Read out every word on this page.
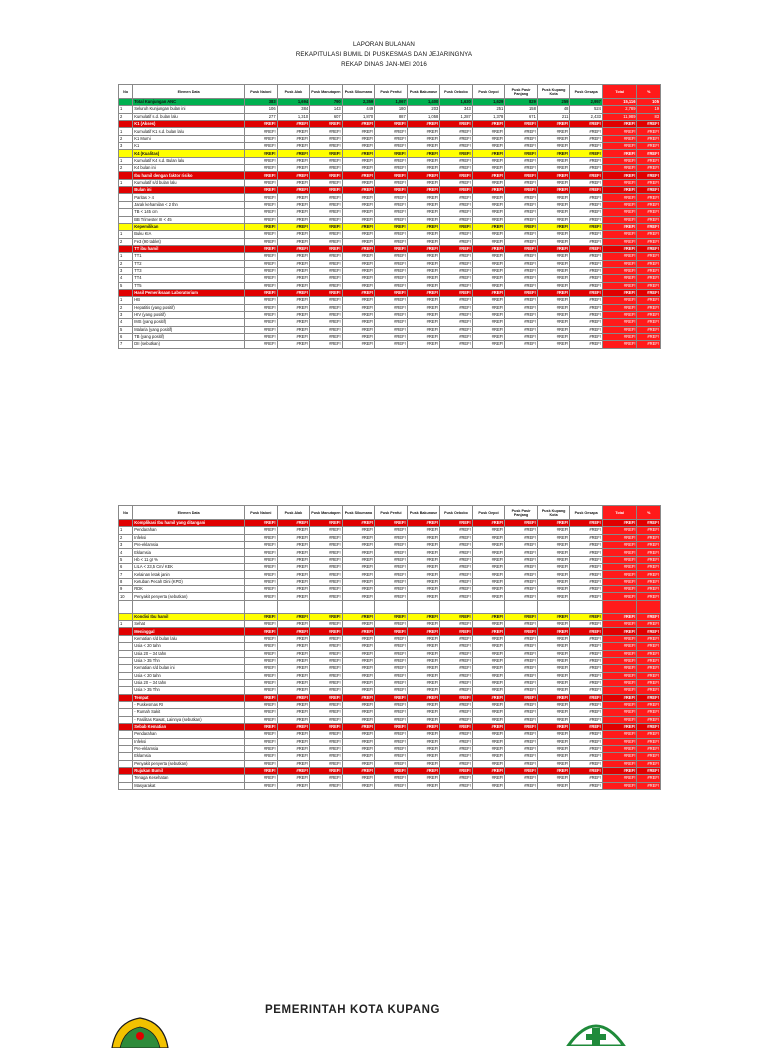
LAPORAN BULANAN
REKAPITULASI BUMIL DI PUSKESMAS DAN JEJARINGNYA
REKAP DINAS JAN-MEI 2016
No	Elemen Data	Pusk Naioni	Pusk Alak	Pusk Manutapen	Pusk Sikumana	Pusk Penfui	Pusk Bakunase	Pusk Oebobo	Pusk Oepoi	Pusk Pasir Panjang	Pusk Kupang Kota	Pusk Oesapa	Total	%
	Total Kunjungan ANC	383	1,694	790	2,359	1,067	1,400	1,630	1,629	829	259	2,957	15,116	105
1	Seluruh Kunjungan bulan ini	106	384	143	449	180	203	343	251	158	48	524	2,789	19
2	Kumulatif s.d. bulan lalu	277	1,310	607	1,870	887	1,058	1,287	1,378	671	211	2,433	11,989	83
	K1 (Akses)	#REF!	#REF!	#REF!	#REF!	#REF!	#REF!	#REF!	#REF!	#REF!	#REF!	#REF!	#REF!	#REF!
1	Kumulatif K1 s.d. bulan lalu	#REF!	#REF!	#REF!	#REF!	#REF!	#REF!	#REF!	#REF!	#REF!	#REF!	#REF!	#REF!	#REF!
2	K1 Murni	#REF!	#REF!	#REF!	#REF!	#REF!	#REF!	#REF!	#REF!	#REF!	#REF!	#REF!	#REF!	#REF!
3	K1	#REF!	#REF!	#REF!	#REF!	#REF!	#REF!	#REF!	#REF!	#REF!	#REF!	#REF!	#REF!	#REF!
	K4 (Kualitas)	#REF!	#REF!	#REF!	#REF!	#REF!	#REF!	#REF!	#REF!	#REF!	#REF!	#REF!	#REF!	#REF!
1	Kumulatif K4 s.d. Bulan lalu	#REF!	#REF!	#REF!	#REF!	#REF!	#REF!	#REF!	#REF!	#REF!	#REF!	#REF!	#REF!	#REF!
2	K4 bulan ini	#REF!	#REF!	#REF!	#REF!	#REF!	#REF!	#REF!	#REF!	#REF!	#REF!	#REF!	#REF!	#REF!
	Ibu hamil dengan faktor risiko	#REF!	#REF!	#REF!	#REF!	#REF!	#REF!	#REF!	#REF!	#REF!	#REF!	#REF!	#REF!	#REF!
1	Kumulatif s/d bulan lalu	#REF!	#REF!	#REF!	#REF!	#REF!	#REF!	#REF!	#REF!	#REF!	#REF!	#REF!	#REF!	#REF!
	Bulan ini	#REF!	#REF!	#REF!	#REF!	#REF!	#REF!	#REF!	#REF!	#REF!	#REF!	#REF!	#REF!	#REF!
	Paritas > 4	#REF!	#REF!	#REF!	#REF!	#REF!	#REF!	#REF!	#REF!	#REF!	#REF!	#REF!	#REF!	#REF!
	Jarak kehamilan < 2 thn	#REF!	#REF!	#REF!	#REF!	#REF!	#REF!	#REF!	#REF!	#REF!	#REF!	#REF!	#REF!	#REF!
	TB < 145 cm	#REF!	#REF!	#REF!	#REF!	#REF!	#REF!	#REF!	#REF!	#REF!	#REF!	#REF!	#REF!	#REF!
	BB Trimester III < 45	#REF!	#REF!	#REF!	#REF!	#REF!	#REF!	#REF!	#REF!	#REF!	#REF!	#REF!	#REF!	#REF!
	Kepemilikan	#REF!	#REF!	#REF!	#REF!	#REF!	#REF!	#REF!	#REF!	#REF!	#REF!	#REF!	#REF!	#REF!
1	Buku KIA	#REF!	#REF!	#REF!	#REF!	#REF!	#REF!	#REF!	#REF!	#REF!	#REF!	#REF!	#REF!	#REF!
2	Fe3 (90 tablet)	#REF!	#REF!	#REF!	#REF!	#REF!	#REF!	#REF!	#REF!	#REF!	#REF!	#REF!	#REF!	#REF!
	TT ibu hamil	#REF!	#REF!	#REF!	#REF!	#REF!	#REF!	#REF!	#REF!	#REF!	#REF!	#REF!	#REF!	#REF!
1	TT1	#REF!	#REF!	#REF!	#REF!	#REF!	#REF!	#REF!	#REF!	#REF!	#REF!	#REF!	#REF!	#REF!
2	TT2	#REF!	#REF!	#REF!	#REF!	#REF!	#REF!	#REF!	#REF!	#REF!	#REF!	#REF!	#REF!	#REF!
3	TT3	#REF!	#REF!	#REF!	#REF!	#REF!	#REF!	#REF!	#REF!	#REF!	#REF!	#REF!	#REF!	#REF!
4	TT4	#REF!	#REF!	#REF!	#REF!	#REF!	#REF!	#REF!	#REF!	#REF!	#REF!	#REF!	#REF!	#REF!
5	TT5	#REF!	#REF!	#REF!	#REF!	#REF!	#REF!	#REF!	#REF!	#REF!	#REF!	#REF!	#REF!	#REF!
	Hasil Pemeriksaan Laboratorium	#REF!	#REF!	#REF!	#REF!	#REF!	#REF!	#REF!	#REF!	#REF!	#REF!	#REF!	#REF!	#REF!
1	HB	#REF!	#REF!	#REF!	#REF!	#REF!	#REF!	#REF!	#REF!	#REF!	#REF!	#REF!	#REF!	#REF!
2	Hepatitis (yang positif)	#REF!	#REF!	#REF!	#REF!	#REF!	#REF!	#REF!	#REF!	#REF!	#REF!	#REF!	#REF!	#REF!
3	HIV (yang positif)	#REF!	#REF!	#REF!	#REF!	#REF!	#REF!	#REF!	#REF!	#REF!	#REF!	#REF!	#REF!	#REF!
4	IMS (yang positif)	#REF!	#REF!	#REF!	#REF!	#REF!	#REF!	#REF!	#REF!	#REF!	#REF!	#REF!	#REF!	#REF!
5	Malaria (yang positif)	#REF!	#REF!	#REF!	#REF!	#REF!	#REF!	#REF!	#REF!	#REF!	#REF!	#REF!	#REF!	#REF!
6	TB (yang positif)	#REF!	#REF!	#REF!	#REF!	#REF!	#REF!	#REF!	#REF!	#REF!	#REF!	#REF!	#REF!	#REF!
7	DII (sebutkan)	#REF!	#REF!	#REF!	#REF!	#REF!	#REF!	#REF!	#REF!	#REF!	#REF!	#REF!	#REF!	#REF!
No	Elemen Data	Pusk Naioni	Pusk Alak	Pusk Manutapen	Pusk Sikumana	Pusk Penfui	Pusk Bakunase	Pusk Oebobo	Pusk Oepoi	Pusk Pasir Panjang	Pusk Kupang Kota	Pusk Oesapa	Total	%
	Komplikasi Ibu hamil yang ditangani	#REF!	#REF!	#REF!	#REF!	#REF!	#REF!	#REF!	#REF!	#REF!	#REF!	#REF!	#REF!	#REF!
1	Pendarahan	#REF!	#REF!	#REF!	#REF!	#REF!	#REF!	#REF!	#REF!	#REF!	#REF!	#REF!	#REF!	#REF!
2	Infeksi	#REF!	#REF!	#REF!	#REF!	#REF!	#REF!	#REF!	#REF!	#REF!	#REF!	#REF!	#REF!	#REF!
3	Pre-eklamsia	#REF!	#REF!	#REF!	#REF!	#REF!	#REF!	#REF!	#REF!	#REF!	#REF!	#REF!	#REF!	#REF!
4	Eklamsia	#REF!	#REF!	#REF!	#REF!	#REF!	#REF!	#REF!	#REF!	#REF!	#REF!	#REF!	#REF!	#REF!
5	Hb < 11 gr %	#REF!	#REF!	#REF!	#REF!	#REF!	#REF!	#REF!	#REF!	#REF!	#REF!	#REF!	#REF!	#REF!
6	LILA < 23,5 Cm/ KEK	#REF!	#REF!	#REF!	#REF!	#REF!	#REF!	#REF!	#REF!	#REF!	#REF!	#REF!	#REF!	#REF!
7	Kelainan letak janin	#REF!	#REF!	#REF!	#REF!	#REF!	#REF!	#REF!	#REF!	#REF!	#REF!	#REF!	#REF!	#REF!
8	Ketuban Pecah Dini (KPD)	#REF!	#REF!	#REF!	#REF!	#REF!	#REF!	#REF!	#REF!	#REF!	#REF!	#REF!	#REF!	#REF!
9	RDK	#REF!	#REF!	#REF!	#REF!	#REF!	#REF!	#REF!	#REF!	#REF!	#REF!	#REF!	#REF!	#REF!
10	Penyakit penyerta (sebutkan)	#REF!	#REF!	#REF!	#REF!	#REF!	#REF!	#REF!	#REF!	#REF!	#REF!	#REF!	#REF!	#REF!

	Kondisi Ibu hamil	#REF!	#REF!	#REF!	#REF!	#REF!	#REF!	#REF!	#REF!	#REF!	#REF!	#REF!	#REF!	#REF!
1	Sehat	#REF!	#REF!	#REF!	#REF!	#REF!	#REF!	#REF!	#REF!	#REF!	#REF!	#REF!	#REF!	#REF!
	Meninggal	#REF!	#REF!	#REF!	#REF!	#REF!	#REF!	#REF!	#REF!	#REF!	#REF!	#REF!	#REF!	#REF!
	Kematian s/d bulan lalu	#REF!	#REF!	#REF!	#REF!	#REF!	#REF!	#REF!	#REF!	#REF!	#REF!	#REF!	#REF!	#REF!
	Usia < 20 tahn	#REF!	#REF!	#REF!	#REF!	#REF!	#REF!	#REF!	#REF!	#REF!	#REF!	#REF!	#REF!	#REF!
	Usia 20 – 34 tahn	#REF!	#REF!	#REF!	#REF!	#REF!	#REF!	#REF!	#REF!	#REF!	#REF!	#REF!	#REF!	#REF!
	Usia > 35 Thn	#REF!	#REF!	#REF!	#REF!	#REF!	#REF!	#REF!	#REF!	#REF!	#REF!	#REF!	#REF!	#REF!
	Kematian s/d bulan ini	#REF!	#REF!	#REF!	#REF!	#REF!	#REF!	#REF!	#REF!	#REF!	#REF!	#REF!	#REF!	#REF!
	Usia < 20 tahn	#REF!	#REF!	#REF!	#REF!	#REF!	#REF!	#REF!	#REF!	#REF!	#REF!	#REF!	#REF!	#REF!
	Usia 20 – 34 tahn	#REF!	#REF!	#REF!	#REF!	#REF!	#REF!	#REF!	#REF!	#REF!	#REF!	#REF!	#REF!	#REF!
	Usia > 35 Thn	#REF!	#REF!	#REF!	#REF!	#REF!	#REF!	#REF!	#REF!	#REF!	#REF!	#REF!	#REF!	#REF!
	Tempat	#REF!	#REF!	#REF!	#REF!	#REF!	#REF!	#REF!	#REF!	#REF!	#REF!	#REF!	#REF!	#REF!
	- Puskesmas RI	#REF!	#REF!	#REF!	#REF!	#REF!	#REF!	#REF!	#REF!	#REF!	#REF!	#REF!	#REF!	#REF!
	- Rumah Sakit	#REF!	#REF!	#REF!	#REF!	#REF!	#REF!	#REF!	#REF!	#REF!	#REF!	#REF!	#REF!	#REF!
	- Fasilitas Rawat, Lainnya (sebutkan)	#REF!	#REF!	#REF!	#REF!	#REF!	#REF!	#REF!	#REF!	#REF!	#REF!	#REF!	#REF!	#REF!
	Sebab Kematian	#REF!	#REF!	#REF!	#REF!	#REF!	#REF!	#REF!	#REF!	#REF!	#REF!	#REF!	#REF!	#REF!
	Pendarahan	#REF!	#REF!	#REF!	#REF!	#REF!	#REF!	#REF!	#REF!	#REF!	#REF!	#REF!	#REF!	#REF!
	Infeksi	#REF!	#REF!	#REF!	#REF!	#REF!	#REF!	#REF!	#REF!	#REF!	#REF!	#REF!	#REF!	#REF!
	Pre-eklamsia	#REF!	#REF!	#REF!	#REF!	#REF!	#REF!	#REF!	#REF!	#REF!	#REF!	#REF!	#REF!	#REF!
	Eklamsia	#REF!	#REF!	#REF!	#REF!	#REF!	#REF!	#REF!	#REF!	#REF!	#REF!	#REF!	#REF!	#REF!
	Penyakit penyerta (sebutkan)	#REF!	#REF!	#REF!	#REF!	#REF!	#REF!	#REF!	#REF!	#REF!	#REF!	#REF!	#REF!	#REF!
	Rujukan Bumil	#REF!	#REF!	#REF!	#REF!	#REF!	#REF!	#REF!	#REF!	#REF!	#REF!	#REF!	#REF!	#REF!
	Tenaga Kesehatan	#REF!	#REF!	#REF!	#REF!	#REF!	#REF!	#REF!	#REF!	#REF!	#REF!	#REF!	#REF!	#REF!
	Masyarakat	#REF!	#REF!	#REF!	#REF!	#REF!	#REF!	#REF!	#REF!	#REF!	#REF!	#REF!	#REF!	#REF!
PEMERINTAH KOTA KUPANG
